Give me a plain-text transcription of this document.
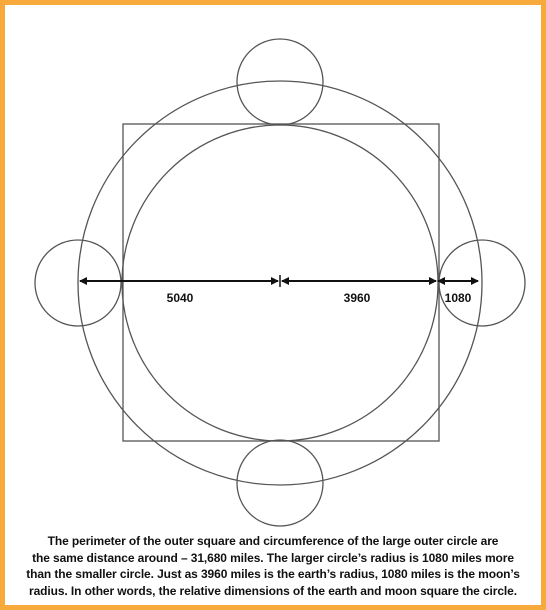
5040	3960	1080
The perimeter of the outer square and circumference of the large outer circle are
the same distance around – 31,680 miles. The larger circle’s radius is 1080 miles more
than the smaller circle. Just as 3960 miles is the earth’s radius, 1080 miles is the moon’s
radius. In other words, the relative dimensions of the earth and moon square the circle.
